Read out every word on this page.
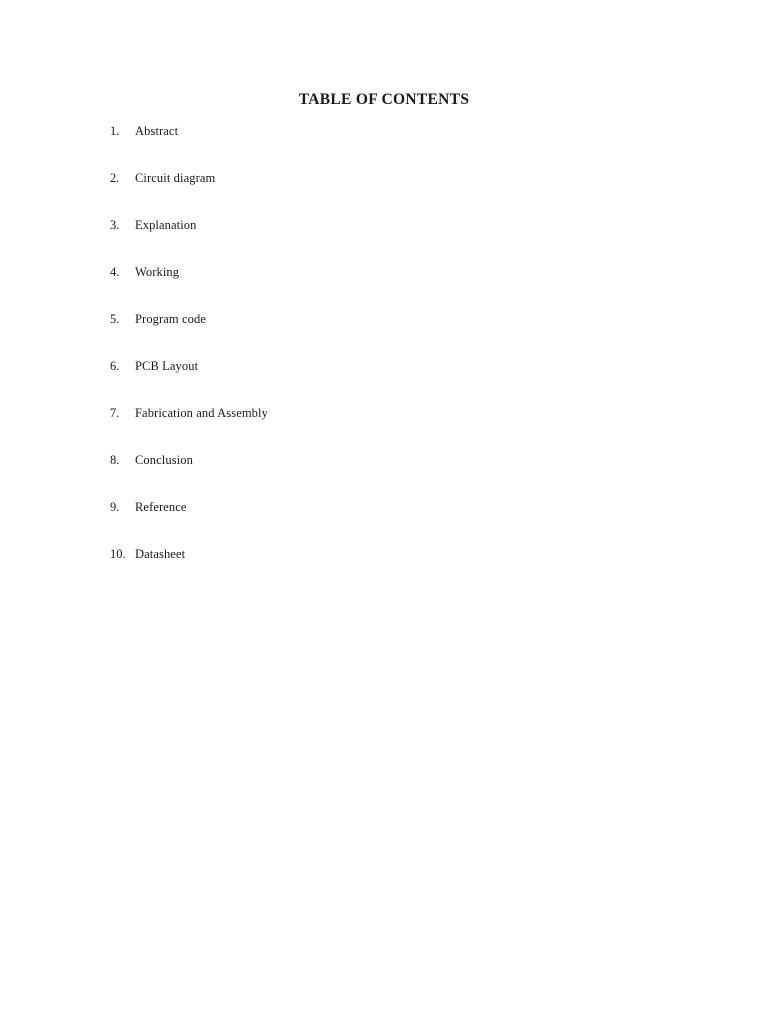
TABLE OF CONTENTS
1.	Abstract
2.	Circuit diagram
3.	Explanation
4.	Working
5.	Program code
6.	PCB Layout
7.	Fabrication and Assembly
8.	Conclusion
9.	Reference
10. Datasheet
